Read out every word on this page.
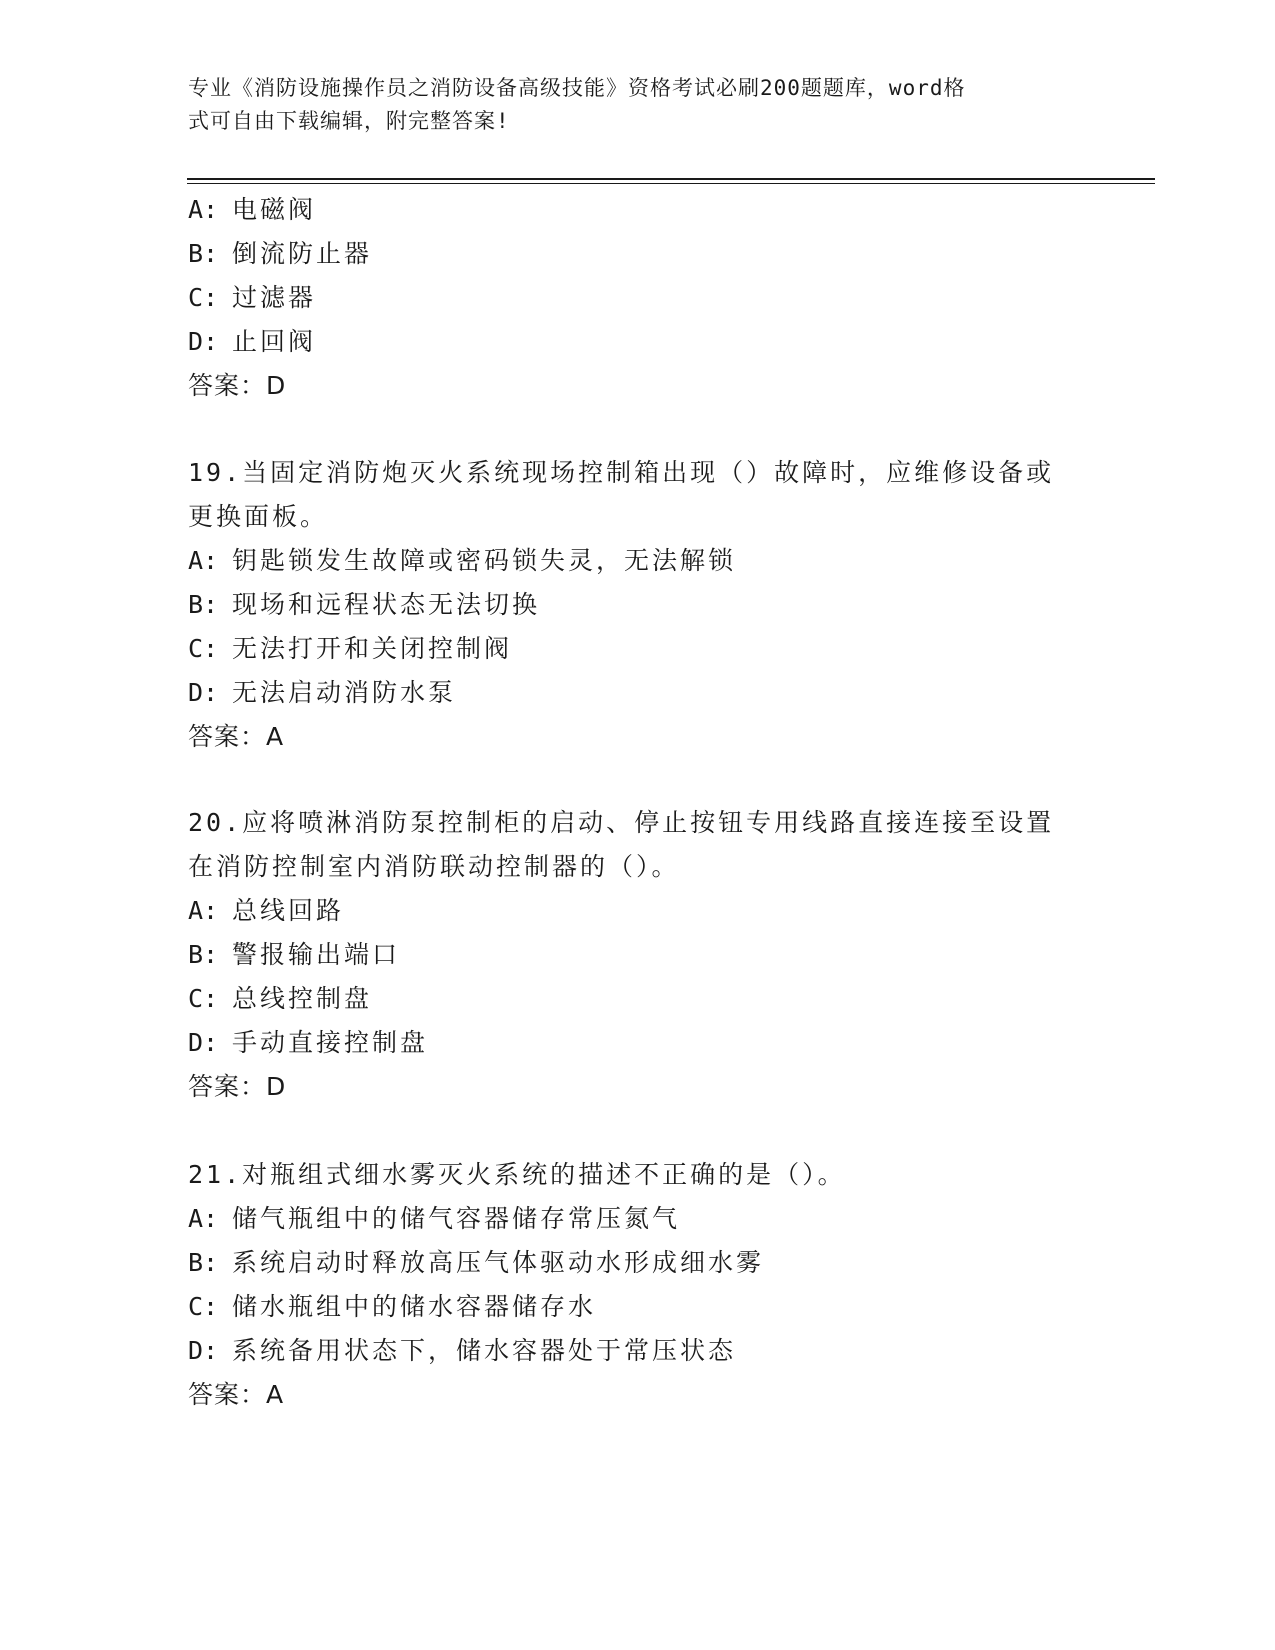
专业《消防设施操作员之消防设备高级技能》资格考试必刷200题题库，word格
式可自由下载编辑，附完整答案!
A: 电磁阀
B: 倒流防止器
C: 过滤器
D: 止回阀
答案：D
19.当固定消防炮灭火系统现场控制箱出现（）故障时，应维修设备或
更换面板。
A: 钥匙锁发生故障或密码锁失灵，无法解锁
B: 现场和远程状态无法切换
C: 无法打开和关闭控制阀
D: 无法启动消防水泵
答案：A
20.应将喷淋消防泵控制柜的启动、停止按钮专用线路直接连接至设置
在消防控制室内消防联动控制器的（）。
A: 总线回路
B: 警报输出端口
C: 总线控制盘
D: 手动直接控制盘
答案：D
21.对瓶组式细水雾灭火系统的描述不正确的是（）。
A: 储气瓶组中的储气容器储存常压氮气
B: 系统启动时释放高压气体驱动水形成细水雾
C: 储水瓶组中的储水容器储存水
D: 系统备用状态下，储水容器处于常压状态
答案：A
